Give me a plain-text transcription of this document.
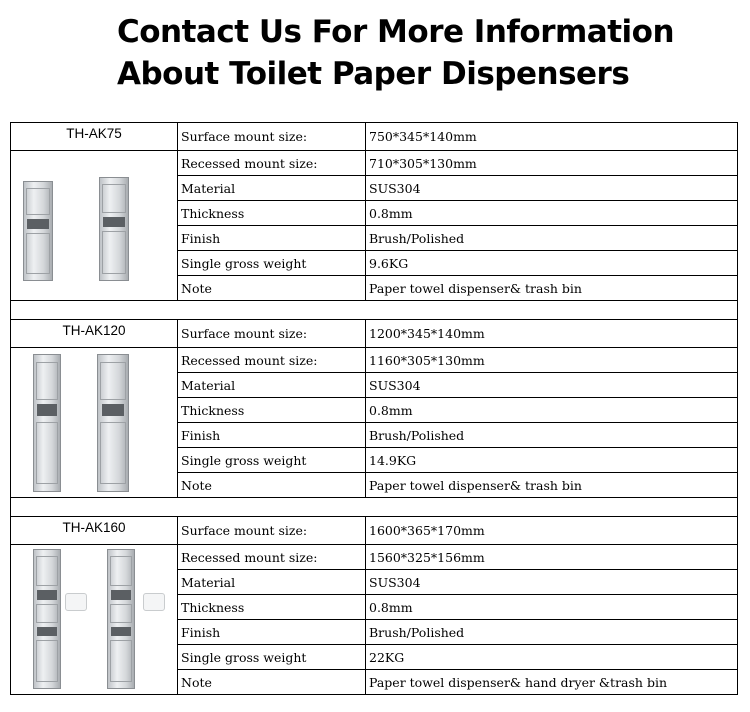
Contact Us For More Information
About Toilet Paper Dispensers
TH-AK75	Surface mount size:	750*345*140mm

	Recessed mount size:	710*305*130mm
	Material	SUS304
	Thickness	0.8mm
	Finish	Brush/Polished
	Single gross weight	9.6KG
	Note	Paper towel dispenser& trash bin

TH-AK120	Surface mount size:	1200*345*140mm

	Recessed mount size:	1160*305*130mm
	Material	SUS304
	Thickness	0.8mm
	Finish	Brush/Polished
	Single gross weight	14.9KG
	Note	Paper towel dispenser& trash bin

TH-AK160	Surface mount size:	1600*365*170mm

	Recessed mount size:	1560*325*156mm
	Material	SUS304
	Thickness	0.8mm
	Finish	Brush/Polished
	Single gross weight	22KG
	Note	Paper towel dispenser& hand dryer &trash bin
